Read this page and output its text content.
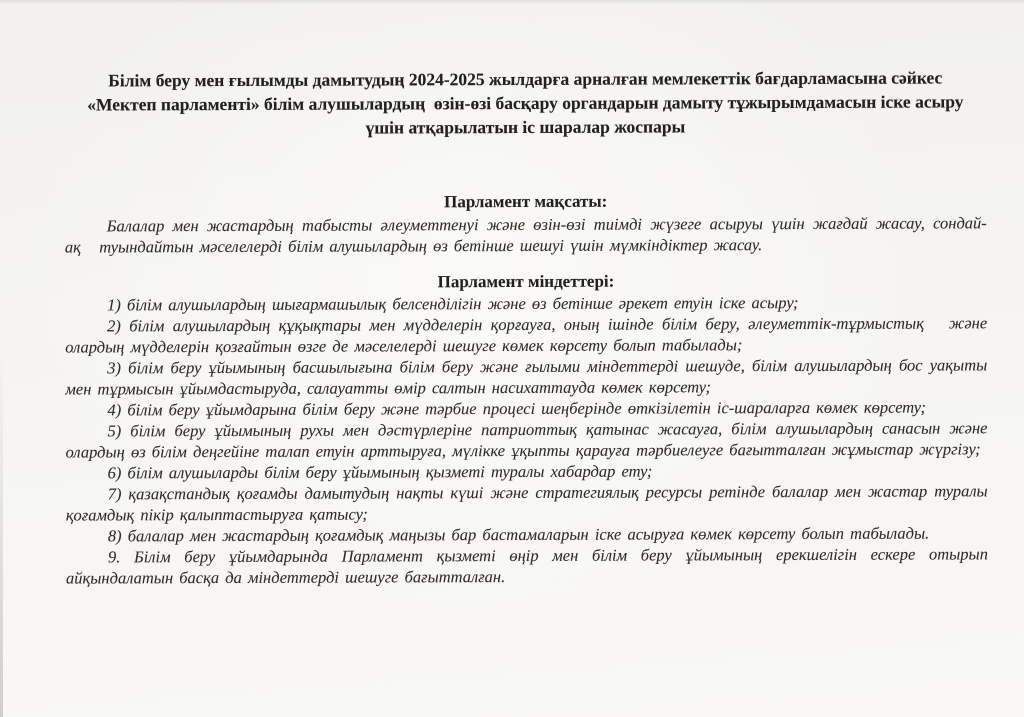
Білім беру мен ғылымды дамытудың 2024-2025 жылдарға арналған мемлекеттік бағдарламасына сәйкес
«Мектеп парламенті» білім алушылардың  өзін-өзі басқару органдарын дамыту тұжырымдамасын іске асыру
үшін атқарылатын іс шаралар жоспары
Парламент мақсаты:

Балалар мен жастардың табысты әлеуметтенуі және өзін-өзі тиімді жүзеге асыруы үшін жағдай жасау, сондай-ақ   туындайтын мәселелерді білім алушылардың өз бетінше шешуі үшін мүмкіндіктер жасау.

Парламент міндеттері:

1) білім алушылардың шығармашылық белсенділігін және өз бетінше әрекет етуін іске асыру;

2) білім алушылардың құқықтары мен мүдделерін қорғауға, оның ішінде білім беру, әлеуметтік-тұрмыстық   және олардың мүдделерін қозғайтын өзге де мәселелерді шешуге көмек көрсету болып табылады;

3) білім беру ұйымының басшылығына білім беру және ғылыми міндеттерді шешуде, білім алушылардың бос уақыты мен тұрмысын ұйымдастыруда, салауатты өмір салтын насихаттауда көмек көрсету;

4) білім беру ұйымдарына білім беру және тәрбие процесі шеңберінде өткізілетін іс-шараларға көмек көрсету;

5) білім беру ұйымының рухы мен дәстүрлеріне патриоттық қатынас жасауға, білім алушылардың санасын және олардың өз білім деңгейіне талап етуін арттыруға, мүлікке ұқыпты қарауға тәрбиелеуге бағытталған жұмыстар жүргізу;

6) білім алушыларды білім беру ұйымының қызметі туралы хабардар ету;

7) қазақстандық қоғамды дамытудың нақты күші және стратегиялық ресурсы ретінде балалар мен жастар туралы қоғамдық пікір қалыптастыруға қатысу;

8) балалар мен жастардың қоғамдық маңызы бар бастамаларын іске асыруға көмек көрсету болып табылады.

9. Білім беру ұйымдарында Парламент қызметі өңір мен білім беру ұйымының ерекшелігін ескере отырып айқындалатын басқа да міндеттерді шешуге бағытталған.
